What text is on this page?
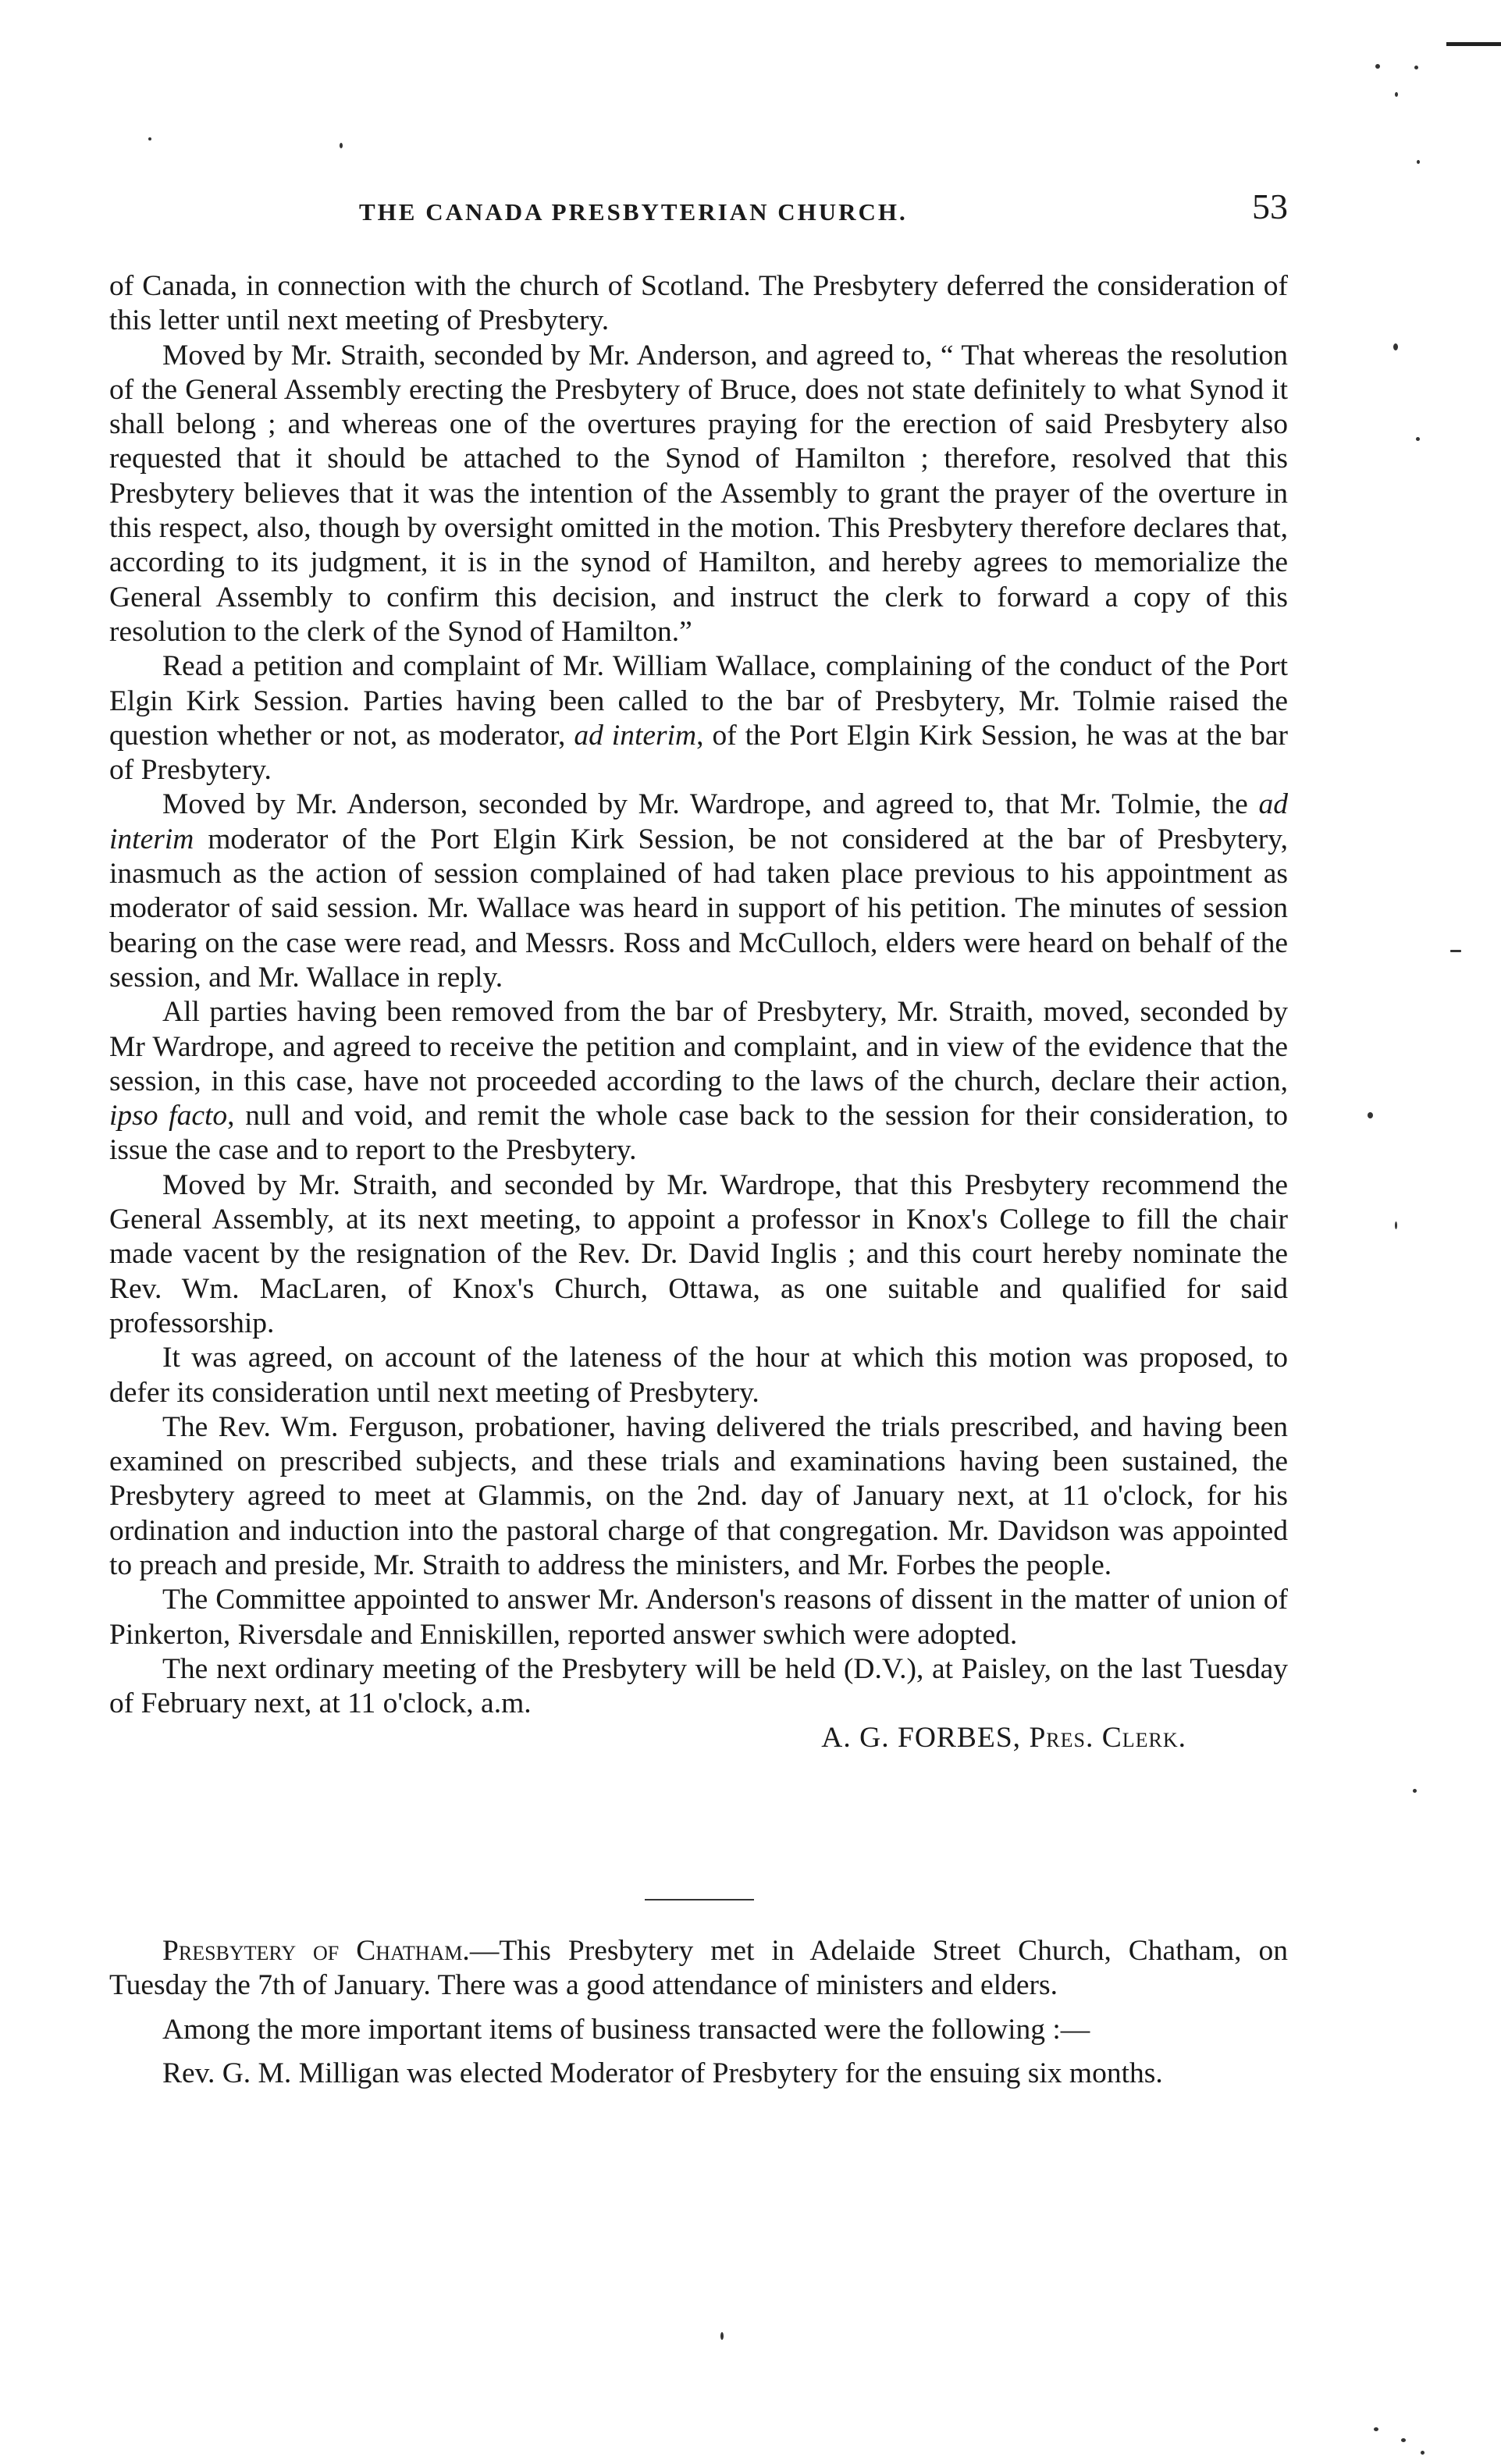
THE CANADA PRESBYTERIAN CHURCH.	53

of Canada, in connection with the church of Scotland. The Presbytery deferred the consideration of this letter until next meeting of Presbytery.

Moved by Mr. Straith, seconded by Mr. Anderson, and agreed to, “ That whereas the resolution of the General Assembly erecting the Presbytery of Bruce, does not state definitely to what Synod it shall belong ; and whereas one of the overtures praying for the erection of said Presbytery also requested that it should be attached to the Synod of Hamilton ; therefore, resolved that this Presbytery believes that it was the intention of the Assembly to grant the prayer of the overture in this respect, also, though by oversight omitted in the motion. This Presbytery therefore declares that, according to its judgment, it is in the synod of Hamilton, and hereby agrees to memorialize the General Assembly to confirm this decision, and instruct the clerk to forward a copy of this resolution to the clerk of the Synod of Hamilton.”

Read a petition and complaint of Mr. William Wallace, complaining of the conduct of the Port Elgin Kirk Session. Parties having been called to the bar of Presbytery, Mr. Tolmie raised the question whether or not, as moderator, ad interim, of the Port Elgin Kirk Session, he was at the bar of Presbytery.

Moved by Mr. Anderson, seconded by Mr. Wardrope, and agreed to, that Mr. Tolmie, the ad interim moderator of the Port Elgin Kirk Session, be not considered at the bar of Presbytery, inasmuch as the action of session complained of had taken place previous to his appointment as moderator of said session. Mr. Wallace was heard in support of his petition. The minutes of session bearing on the case were read, and Messrs. Ross and McCulloch, elders were heard on behalf of the session, and Mr. Wallace in reply.

All parties having been removed from the bar of Presbytery, Mr. Straith, moved, seconded by Mr Wardrope, and agreed to receive the petition and complaint, and in view of the evidence that the session, in this case, have not proceeded according to the laws of the church, declare their action, ipso facto, null and void, and remit the whole case back to the session for their consideration, to issue the case and to report to the Presbytery.

Moved by Mr. Straith, and seconded by Mr. Wardrope, that this Presbytery recommend the General Assembly, at its next meeting, to appoint a professor in Knox's College to fill the chair made vacent by the resignation of the Rev. Dr. David Inglis ; and this court hereby nominate the Rev. Wm. MacLaren, of Knox's Church, Ottawa, as one suitable and qualified for said professorship.

It was agreed, on account of the lateness of the hour at which this motion was proposed, to defer its consideration until next meeting of Presbytery.

The Rev. Wm. Ferguson, probationer, having delivered the trials prescribed, and having been examined on prescribed subjects, and these trials and examinations having been sustained, the Presbytery agreed to meet at Glammis, on the 2nd. day of January next, at 11 o'clock, for his ordination and induction into the pastoral charge of that congregation. Mr. Davidson was appointed to preach and preside, Mr. Straith to address the ministers, and Mr. Forbes the people.

The Committee appointed to answer Mr. Anderson's reasons of dissent in the matter of union of Pinkerton, Riversdale and Enniskillen, reported answer swhich were adopted.

The next ordinary meeting of the Presbytery will be held (D.V.), at Paisley, on the last Tuesday of February next, at 11 o'clock, a.m.

A. G. FORBES, Pres. Clerk.

Presbytery of Chatham.—This Presbytery met in Adelaide Street Church, Chatham, on Tuesday the 7th of January. There was a good attendance of ministers and elders.

Among the more important items of business transacted were the following :—

Rev. G. M. Milligan was elected Moderator of Presbytery for the ensuing six months.
